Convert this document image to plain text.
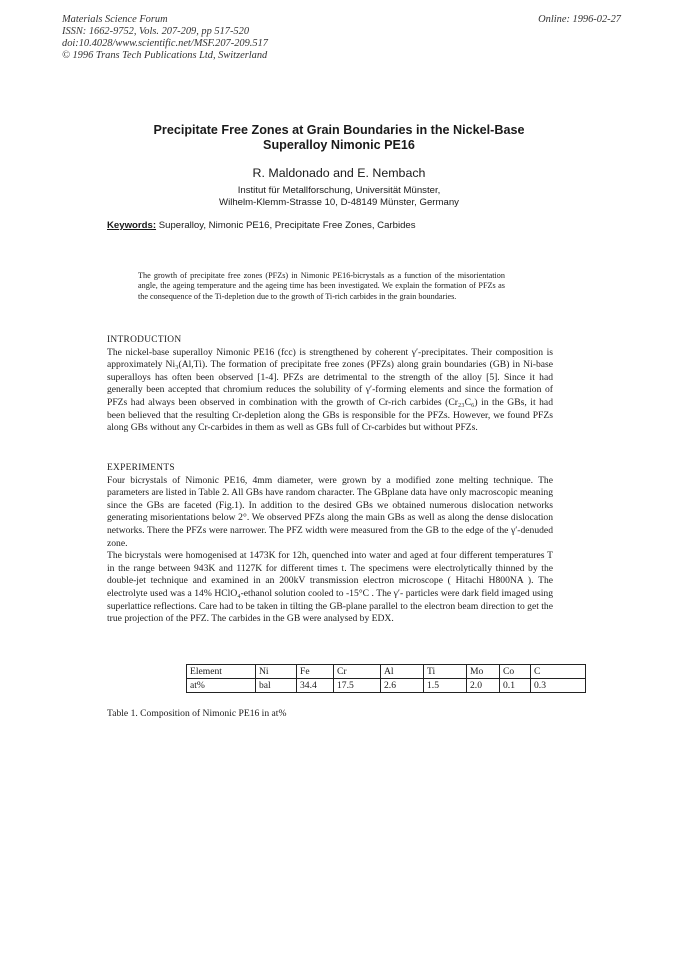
Materials Science Forum
ISSN: 1662-9752, Vols. 207-209, pp 517-520
doi:10.4028/www.scientific.net/MSF.207-209.517
© 1996 Trans Tech Publications Ltd, Switzerland
Online: 1996-02-27
Precipitate Free Zones at Grain Boundaries in the Nickel-Base
Superalloy Nimonic PE16
R. Maldonado and E. Nembach
Institut für Metallforschung, Universität Münster,
Wilhelm-Klemm-Strasse 10, D-48149 Münster, Germany
Keywords: Superalloy, Nimonic PE16, Precipitate Free Zones, Carbides
The growth of precipitate free zones (PFZs) in Nimonic PE16-bicrystals as a function of the misorientation angle, the ageing temperature and the ageing time has been investigated. We explain the formation of PFZs as the consequence of the Ti-depletion due to the growth of Ti-rich carbides in the grain boundaries.
INTRODUCTION

The nickel-base superalloy Nimonic PE16 (fcc) is strengthened by coherent γ′-precipitates. Their composition is approximately Ni₃(Al,Ti). The formation of precipitate free zones (PFZs) along grain boundaries (GB) in Ni-base superalloys has often been observed [1-4]. PFZs are detrimental to the strength of the alloy [5]. Since it had generally been accepted that chromium reduces the solubility of γ′-forming elements and since the formation of PFZs had always been observed in combination with the growth of Cr-rich carbides (Cr₂₃C₆) in the GBs, it had been believed that the resulting Cr-depletion along the GBs is responsible for the PFZs. However, we found PFZs along GBs without any Cr-carbides in them as well as GBs full of Cr-carbides but without PFZs.

EXPERIMENTS

Four bicrystals of Nimonic PE16, 4mm diameter, were grown by a modified zone melting technique. The parameters are listed in Table 2. All GBs have random character. The GBplane data have only macroscopic meaning since the GBs are faceted (Fig.1). In addition to the desired GBs we obtained numerous dislocation networks generating misorientations below 2°. We observed PFZs along the main GBs as well as along the dense dislocation networks. There the PFZs were narrower. The PFZ width were measured from the GB to the edge of the γ′-denuded zone.

The bicrystals were homogenised at 1473K for 12h, quenched into water and aged at four different temperatures T in the range between 943K and 1127K for different times t. The specimens were electrolytically thinned by the double-jet technique and examined in an 200kV transmission electron microscope ( Hitachi H800NA ). The electrolyte used was a 14% HClO₄-ethanol solution cooled to -15°C . The γ′- particles were dark field imaged using superlattice reflections. Care had to be taken in tilting the GB-plane parallel to the electron beam direction to get the true projection of the PFZ. The carbides in the GB were analysed by EDX.

Element	Ni	Fe	Cr	Al	Ti	Mo	Co	C
at%	bal	34.4	17.5	2.6	1.5	2.0	0.1	0.3
Table 1. Composition of Nimonic PE16 in at%
